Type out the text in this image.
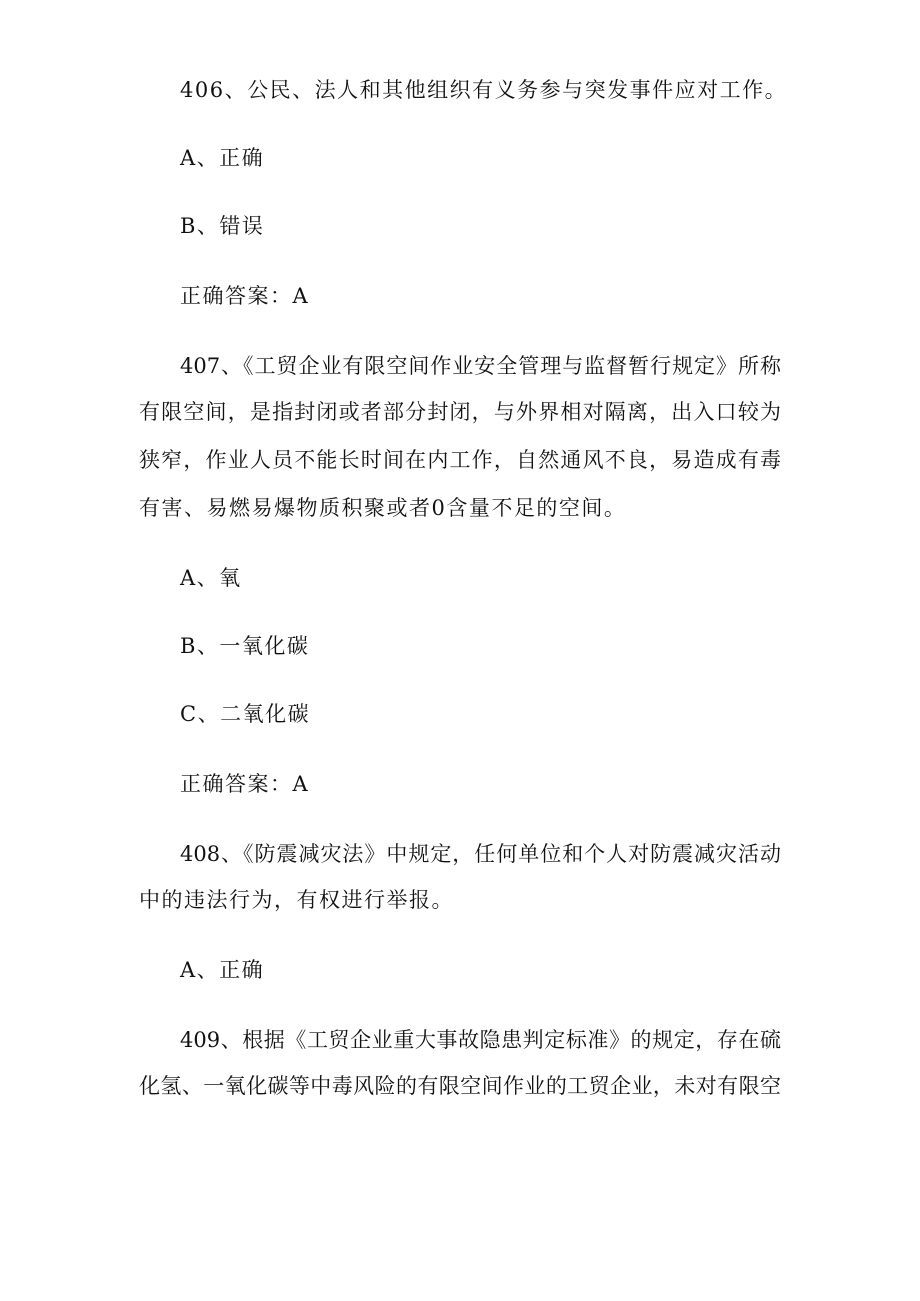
406、公民、法人和其他组织有义务参与突发事件应对工作。
A、正确
B、错误
正确答案：A
407、《工贸企业有限空间作业安全管理与监督暂行规定》所称
有限空间，是指封闭或者部分封闭，与外界相对隔离，出入口较为
狭窄，作业人员不能长时间在内工作，自然通风不良，易造成有毒
有害、易燃易爆物质积聚或者0含量不足的空间。
A、氧
B、一氧化碳
C、二氧化碳
正确答案：A
408、《防震减灾法》中规定，任何单位和个人对防震减灾活动
中的违法行为，有权进行举报。
A、正确
409、根据《工贸企业重大事故隐患判定标准》的规定，存在硫
化氢、一氧化碳等中毒风险的有限空间作业的工贸企业，未对有限空
